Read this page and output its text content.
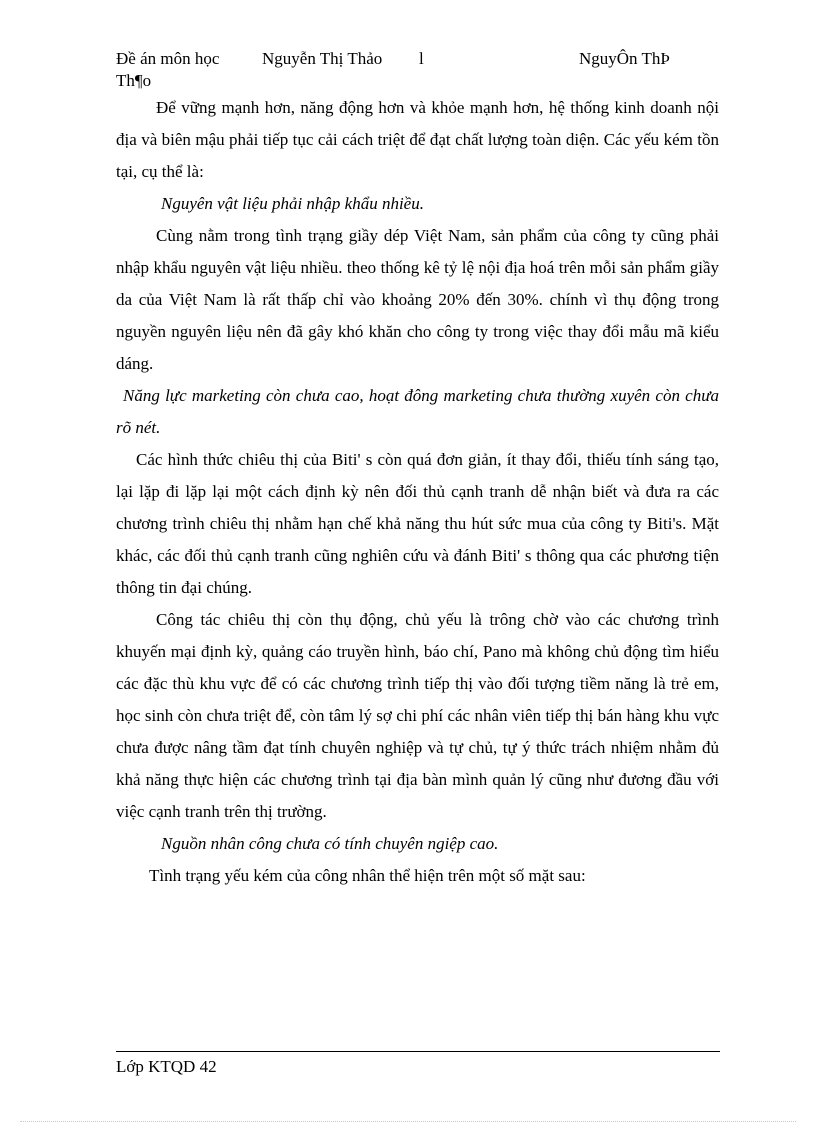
Đề án môn học	Nguyễn Thị Thảo l	NguyÔn ThÞ
Th¶o

Để vững mạnh hơn, năng động hơn và khỏe mạnh hơn, hệ thống kinh doanh nội địa và biên mậu phải tiếp tục cải cách triệt để đạt chất lượng toàn diện. Các yếu kém tồn tại, cụ thể là:

Nguyên vật liệu phải nhập khẩu nhiều.

Cùng nằm trong tình trạng giầy dép Việt Nam, sản phẩm của công ty cũng phải nhập khẩu nguyên vật liệu nhiều. theo thống kê tỷ lệ nội địa hoá trên mỗi sản phẩm giầy da của Việt Nam là rất thấp chỉ vào khoảng 20% đến 30%. chính vì thụ động trong nguyền nguyên liệu nên đã gây khó khăn cho công ty trong việc thay đổi mẫu mã kiểu dáng.

Năng lực marketing còn chưa cao, hoạt đông marketing chưa thường xuyên còn chưa rõ nét.

Các hình thức chiêu thị của Biti' s còn quá đơn giản, ít thay đổi, thiếu tính sáng tạo, lại lặp đi lặp lại một cách định kỳ nên đối thủ cạnh tranh dễ nhận biết và đưa ra các chương trình chiêu thị nhằm hạn chế khả năng thu hút sức mua của công ty Biti's. Mặt khác, các đối thủ cạnh tranh cũng nghiên cứu và đánh Biti' s thông qua các phương tiện thông tin đại chúng.

Công tác chiêu thị còn thụ động, chủ yếu là trông chờ vào các chương trình khuyến mại định kỳ, quảng cáo truyền hình, báo chí, Pano mà không chủ động tìm hiểu các đặc thù khu vực để có các chương trình tiếp thị vào đối tượng tiềm năng là trẻ em, học sinh còn chưa triệt để, còn tâm lý sợ chi phí các nhân viên tiếp thị bán hàng khu vực chưa được nâng tầm đạt tính chuyên nghiệp và tự chủ, tự ý thức trách nhiệm nhằm đủ khả năng thực hiện các chương trình tại địa bàn mình quản lý cũng như đương đầu với việc cạnh tranh trên thị trường.

Nguồn nhân công chưa có tính chuyên ngiệp cao.

Tình trạng yếu kém của công nhân thể hiện trên một số mặt sau:

Lớp KTQD 42
